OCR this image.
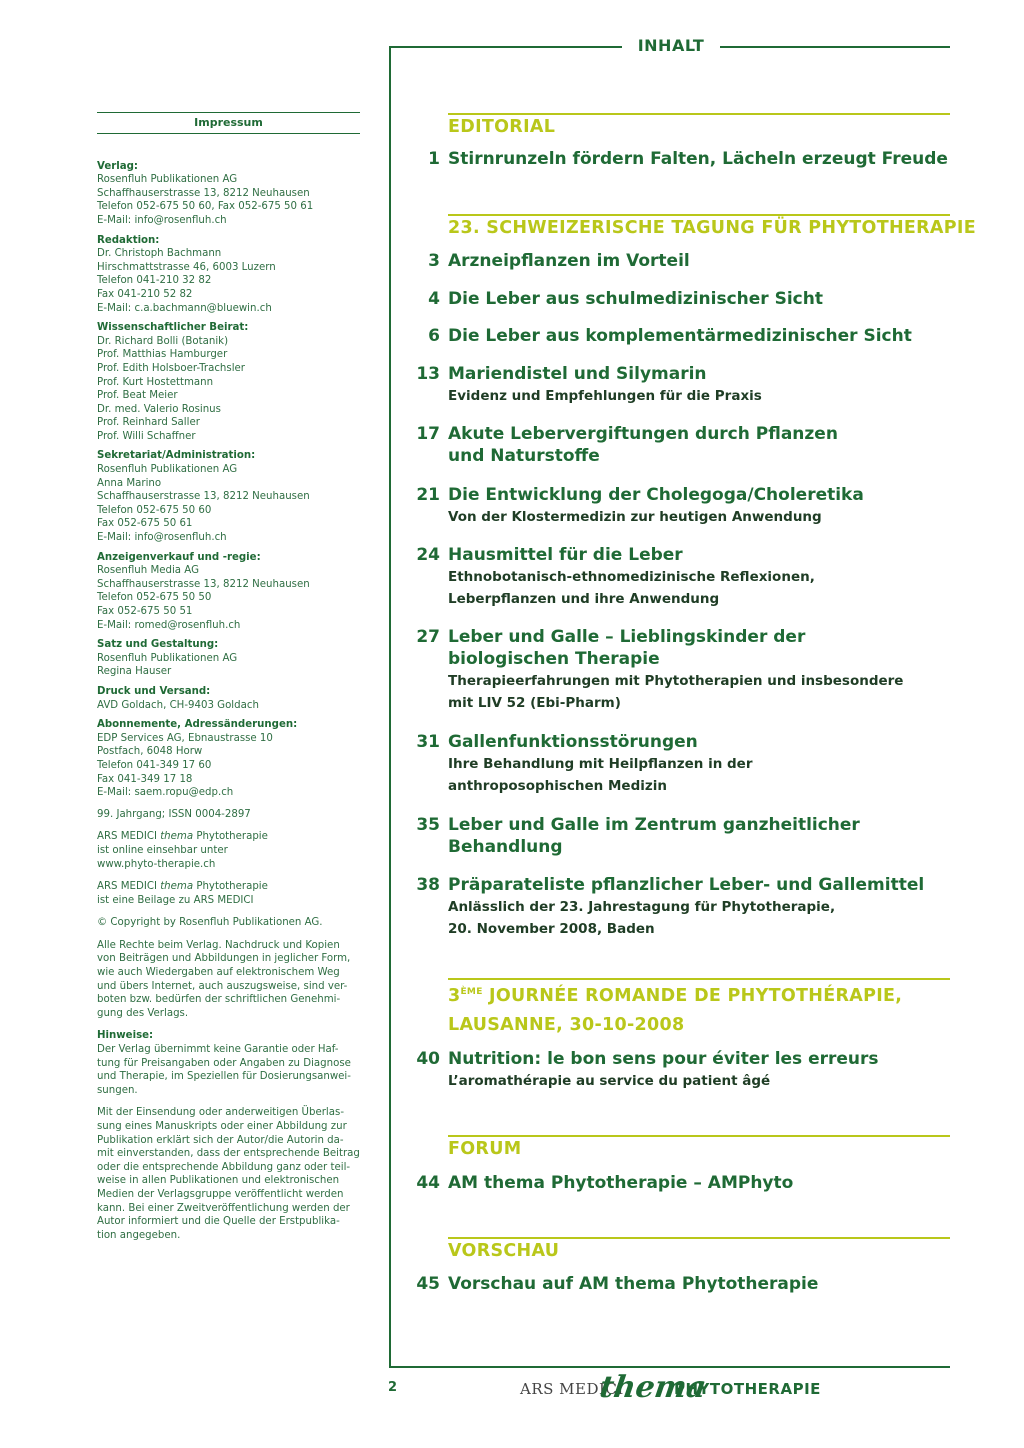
Impressum
Verlag:
Rosenfluh Publikationen AG
Schaffhauserstrasse 13, 8212 Neuhausen
Telefon 052-675 50 60, Fax 052-675 50 61
E-Mail: info@rosenfluh.ch
Redaktion:
Dr. Christoph Bachmann
Hirschmattstrasse 46, 6003 Luzern
Telefon 041-210 32 82
Fax 041-210 52 82
E-Mail: c.a.bachmann@bluewin.ch
Wissenschaftlicher Beirat:
Dr. Richard Bolli (Botanik)
Prof. Matthias Hamburger
Prof. Edith Holsboer-Trachsler
Prof. Kurt Hostettmann
Prof. Beat Meier
Dr. med. Valerio Rosinus
Prof. Reinhard Saller
Prof. Willi Schaffner
Sekretariat/Administration:
Rosenfluh Publikationen AG
Anna Marino
Schaffhauserstrasse 13, 8212 Neuhausen
Telefon 052-675 50 60
Fax 052-675 50 61
E-Mail: info@rosenfluh.ch
Anzeigenverkauf und -regie:
Rosenfluh Media AG
Schaffhauserstrasse 13, 8212 Neuhausen
Telefon 052-675 50 50
Fax 052-675 50 51
E-Mail: romed@rosenfluh.ch
Satz und Gestaltung:
Rosenfluh Publikationen AG
Regina Hauser
Druck und Versand:
AVD Goldach, CH-9403 Goldach
Abonnemente, Adressänderungen:
EDP Services AG, Ebnaustrasse 10
Postfach, 6048 Horw
Telefon 041-349 17 60
Fax 041-349 17 18
E-Mail: saem.ropu@edp.ch
99. Jahrgang; ISSN 0004-2897
ARS MEDICI thema Phytotherapie
ist online einsehbar unter
www.phyto-therapie.ch
ARS MEDICI thema Phytotherapie
ist eine Beilage zu ARS MEDICI
© Copyright by Rosenfluh Publikationen AG.
Alle Rechte beim Verlag. Nachdruck und Kopien
von Beiträgen und Abbildungen in jeglicher Form,
wie auch Wiedergaben auf elektronischem Weg
und übers Internet, auch auszugsweise, sind ver-
boten bzw. bedürfen der schriftlichen Genehmi-
gung des Verlags.
Hinweise:
Der Verlag übernimmt keine Garantie oder Haf-
tung für Preisangaben oder Angaben zu Diagnose
und Therapie, im Speziellen für Dosierungsanwei-
sungen.
Mit der Einsendung oder anderweitigen Überlas-
sung eines Manuskripts oder einer Abbildung zur
Publikation erklärt sich der Autor/die Autorin da-
mit einverstanden, dass der entsprechende Beitrag
oder die entsprechende Abbildung ganz oder teil-
weise in allen Publikationen und elektronischen
Medien der Verlagsgruppe veröffentlicht werden
kann. Bei einer Zweitveröffentlichung werden der
Autor informiert und die Quelle der Erstpublika-
tion angegeben.
INHALT
EDITORIAL
1 Stirnrunzeln fördern Falten, Lächeln erzeugt Freude
23. SCHWEIZERISCHE TAGUNG FÜR PHYTOTHERAPIE
3 Arzneipflanzen im Vorteil
4 Die Leber aus schulmedizinischer Sicht
6 Die Leber aus komplementärmedizinischer Sicht
13 Mariendistel und Silymarin
Evidenz und Empfehlungen für die Praxis
17 Akute Lebervergiftungen durch Pflanzen
und Naturstoffe
21 Die Entwicklung der Cholegoga/Choleretika
Von der Klostermedizin zur heutigen Anwendung
24 Hausmittel für die Leber
Ethnobotanisch-ethnomedizinische Reflexionen,
Leberpflanzen und ihre Anwendung
27 Leber und Galle – Lieblingskinder der
biologischen Therapie
Therapieerfahrungen mit Phytotherapien und insbesondere
mit LIV 52 (Ebi-Pharm)
31 Gallenfunktionsstörungen
Ihre Behandlung mit Heilpflanzen in der
anthroposophischen Medizin
35 Leber und Galle im Zentrum ganzheitlicher
Behandlung
38 Präparateliste pflanzlicher Leber- und Gallemittel
Anlässlich der 23. Jahrestagung für Phytotherapie,
20. November 2008, Baden
3ÈME JOURNÉE ROMANDE DE PHYTOTHÉRAPIE,
LAUSANNE, 30-10-2008
40 Nutrition: le bon sens pour éviter les erreurs
L’aromathérapie au service du patient âgé
FORUM
44 AM thema Phytotherapie – AMPhyto
VORSCHAU
45 Vorschau auf AM thema Phytotherapie
2	ARS MEDICI
thema
PHYTOTHERAPIE
